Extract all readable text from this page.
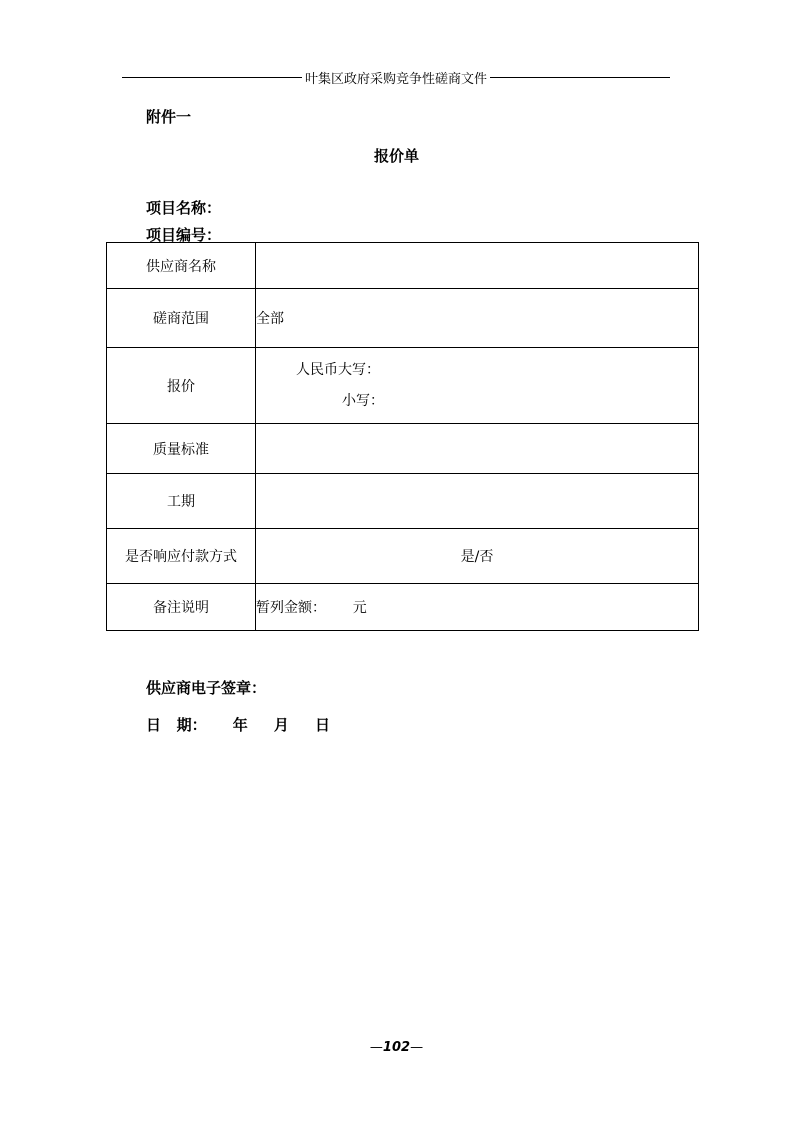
叶集区政府采购竞争性磋商文件
附件一
报价单
项目名称：
项目编号：
供应商名称	
磋商范围	全部
报价	人民币大写：
小写：

质量标准	
工期	
是否响应付款方式	是/否
备注说明	暂列金额：      元
供应商电子签章：
日   期：     年     月     日
—102—
